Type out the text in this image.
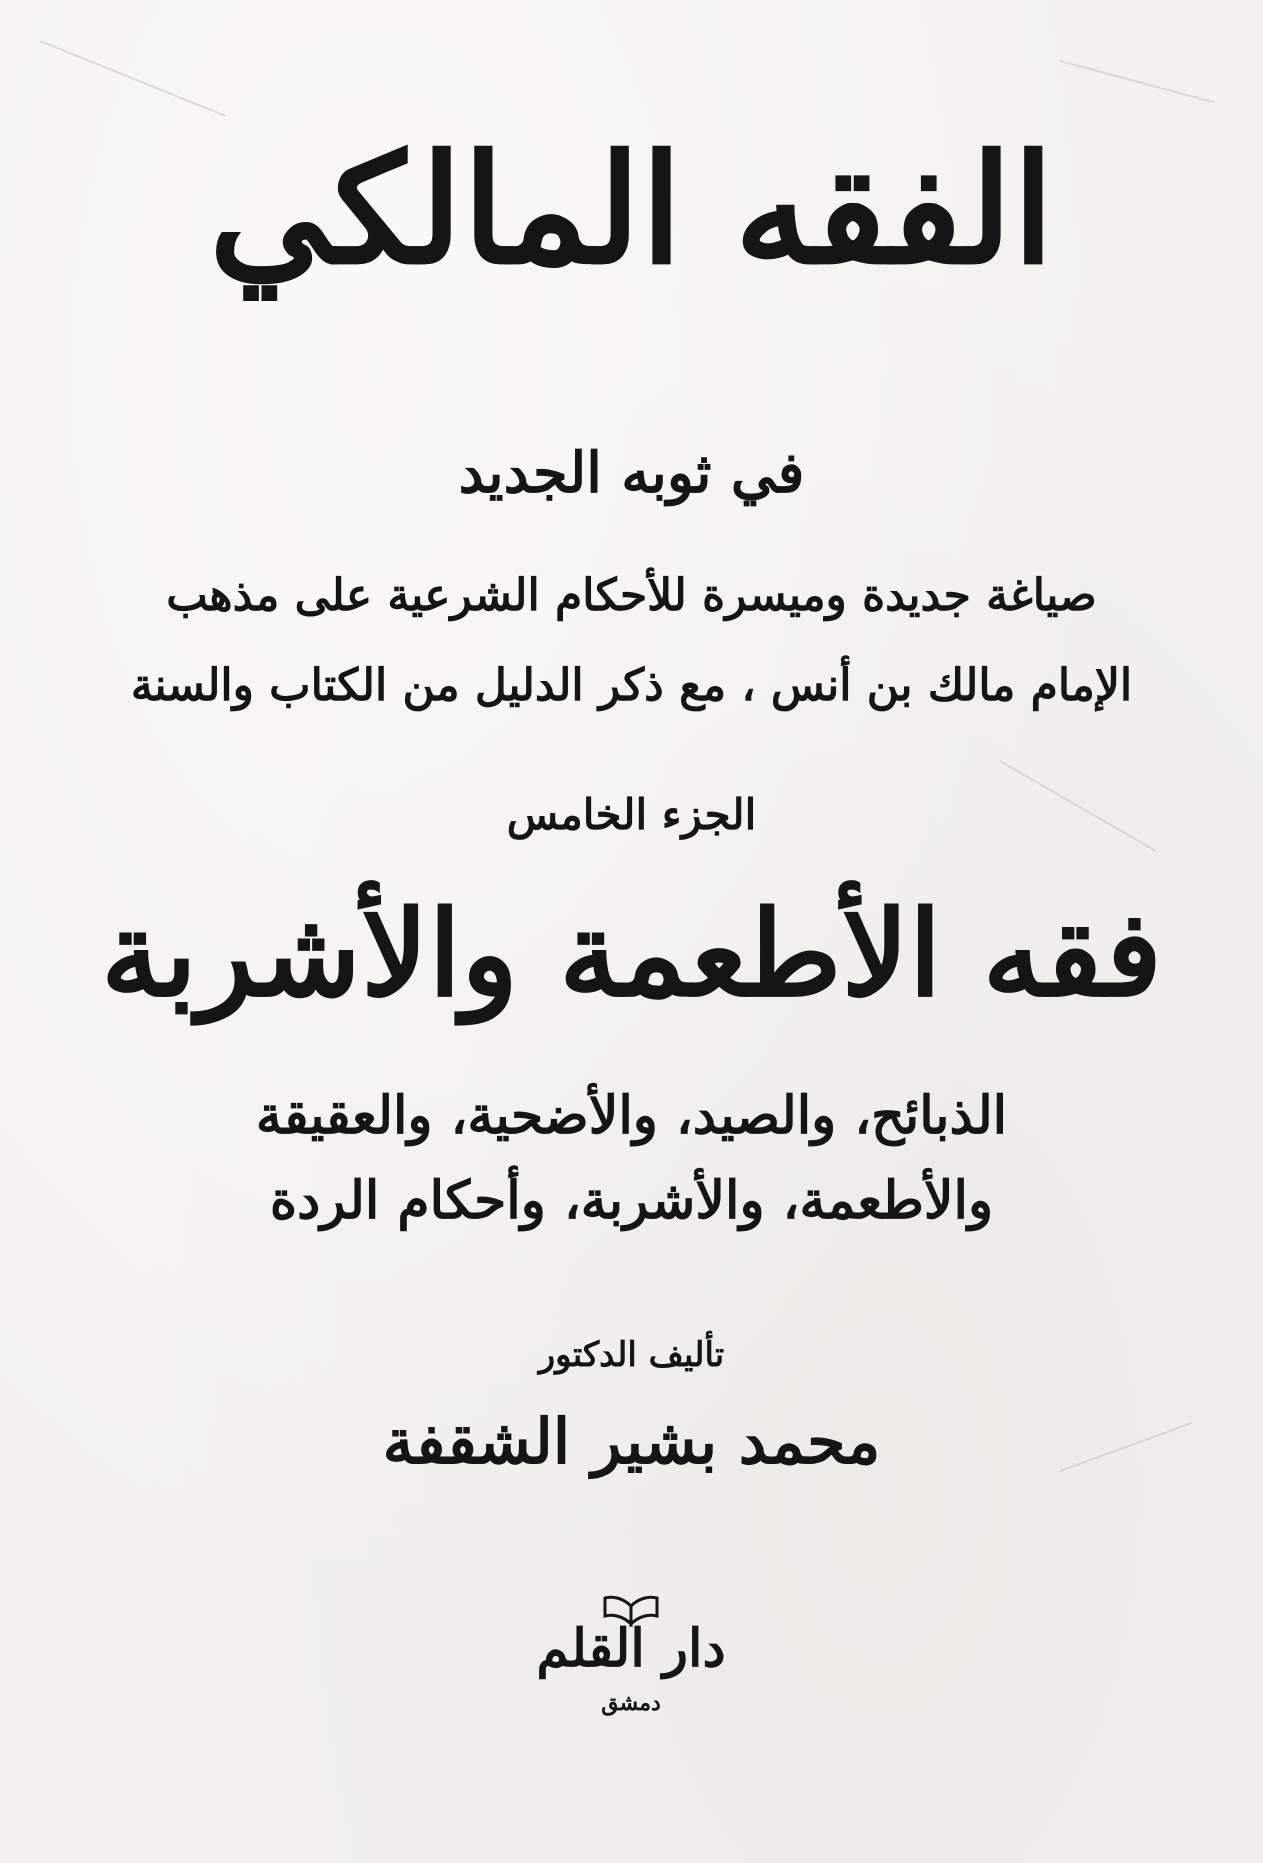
الفقه المالكي
في ثوبه الجديد
صياغة جديدة وميسرة للأحكام الشرعية على مذهب
الإمام مالك بن أنس ، مع ذكر الدليل من الكتاب والسنة
الجزء الخامس
فقه الأطعمة والأشربة
الذبائح، والصيد، والأضحية، والعقيقة
والأطعمة، والأشربة، وأحكام الردة
تأليف الدكتور
محمد بشير الشقفة
دار القلم
دمشق
